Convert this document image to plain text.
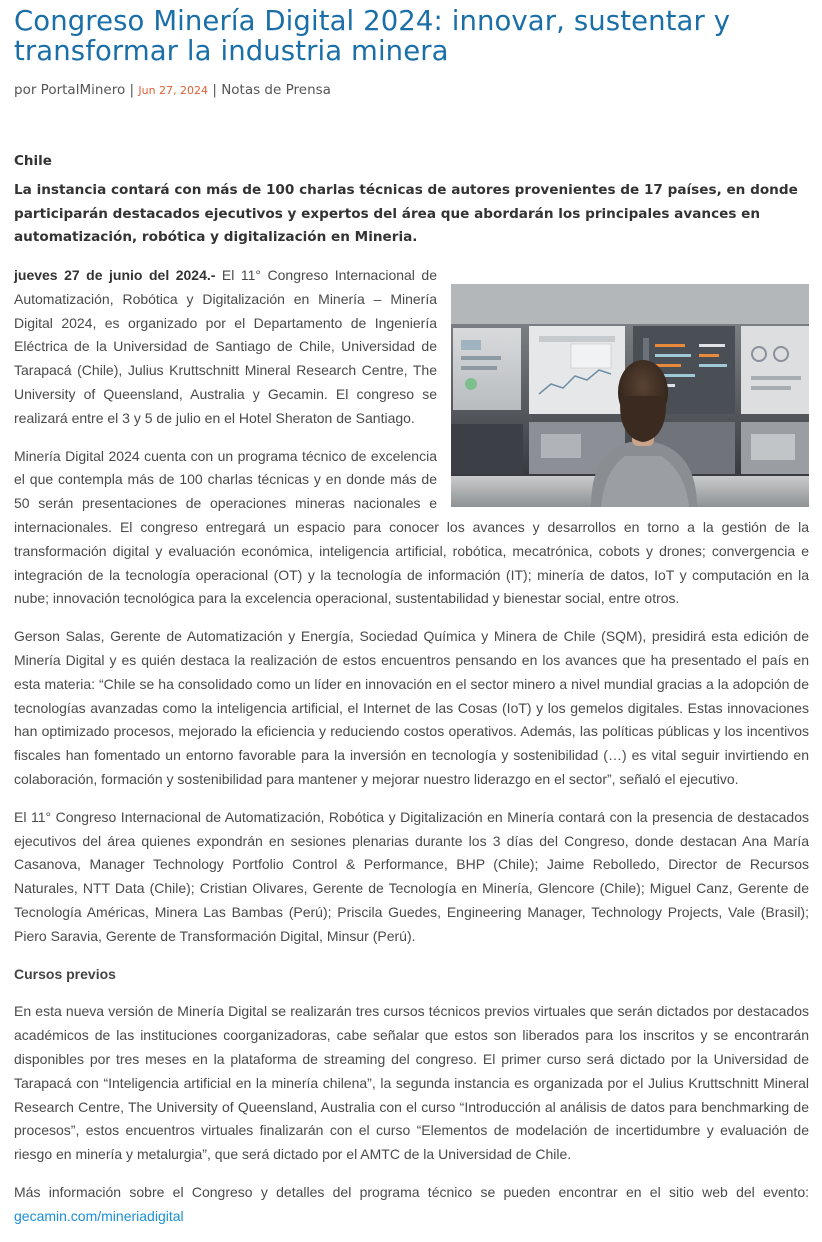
Congreso Minería Digital 2024: innovar, sustentar y transformar la industria minera
por PortalMinero | Jun 27, 2024 | Notas de Prensa
Chile
La instancia contará con más de 100 charlas técnicas de autores provenientes de 17 países, en donde participarán destacados ejecutivos y expertos del área que abordarán los principales avances en automatización, robótica y digitalización en Mineria.

jueves 27 de junio del 2024.- El 11° Congreso Internacional de Automatización, Robótica y Digitalización en Minería – Minería Digital 2024, es organizado por el Departamento de Ingeniería Eléctrica de la Universidad de Santiago de Chile, Universidad de Tarapacá (Chile), Julius Kruttschnitt Mineral Research Centre, The University of Queensland, Australia y Gecamin. El congreso se realizará entre el 3 y 5 de julio en el Hotel Sheraton de Santiago.

Minería Digital 2024 cuenta con un programa técnico de excelencia el que contempla más de 100 charlas técnicas y en donde más de 50 serán presentaciones de operaciones mineras nacionales e internacionales. El congreso entregará un espacio para conocer los avances y desarrollos en torno a la gestión de la transformación digital y evaluación económica, inteligencia artificial, robótica, mecatrónica, cobots y drones; convergencia e integración de la tecnología operacional (OT) y la tecnología de información (IT); minería de datos, IoT y computación en la nube; innovación tecnológica para la excelencia operacional, sustentabilidad y bienestar social, entre otros.

Gerson Salas, Gerente de Automatización y Energía, Sociedad Química y Minera de Chile (SQM), presidirá esta edición de Minería Digital y es quién destaca la realización de estos encuentros pensando en los avances que ha presentado el país en esta materia: “Chile se ha consolidado como un líder en innovación en el sector minero a nivel mundial gracias a la adopción de tecnologías avanzadas como la inteligencia artificial, el Internet de las Cosas (IoT) y los gemelos digitales. Estas innovaciones han optimizado procesos, mejorado la eficiencia y reduciendo costos operativos. Además, las políticas públicas y los incentivos fiscales han fomentado un entorno favorable para la inversión en tecnología y sostenibilidad (…) es vital seguir invirtiendo en colaboración, formación y sostenibilidad para mantener y mejorar nuestro liderazgo en el sector”, señaló el ejecutivo.

El 11° Congreso Internacional de Automatización, Robótica y Digitalización en Minería contará con la presencia de destacados ejecutivos del área quienes expondrán en sesiones plenarias durante los 3 días del Congreso, donde destacan Ana María Casanova, Manager Technology Portfolio Control & Performance, BHP (Chile); Jaime Rebolledo, Director de Recursos Naturales, NTT Data (Chile); Cristian Olivares, Gerente de Tecnología en Minería, Glencore (Chile); Miguel Canz, Gerente de Tecnología Américas, Minera Las Bambas (Perú); Priscila Guedes, Engineering Manager, Technology Projects, Vale (Brasil); Piero Saravia, Gerente de Transformación Digital, Minsur (Perú).

Cursos previos

En esta nueva versión de Minería Digital se realizarán tres cursos técnicos previos virtuales que serán dictados por destacados académicos de las instituciones coorganizadoras, cabe señalar que estos son liberados para los inscritos y se encontrarán disponibles por tres meses en la plataforma de streaming del congreso. El primer curso será dictado por la Universidad de Tarapacá con “Inteligencia artificial en la minería chilena”, la segunda instancia es organizada por el Julius Kruttschnitt Mineral Research Centre, The University of Queensland, Australia con el curso “Introducción al análisis de datos para benchmarking de procesos”, estos encuentros virtuales finalizarán con el curso “Elementos de modelación de incertidumbre y evaluación de riesgo en minería y metalurgia”, que será dictado por el AMTC de la Universidad de Chile.

Más información sobre el Congreso y detalles del programa técnico se pueden encontrar en el sitio web del evento: gecamin.com/mineriadigital
